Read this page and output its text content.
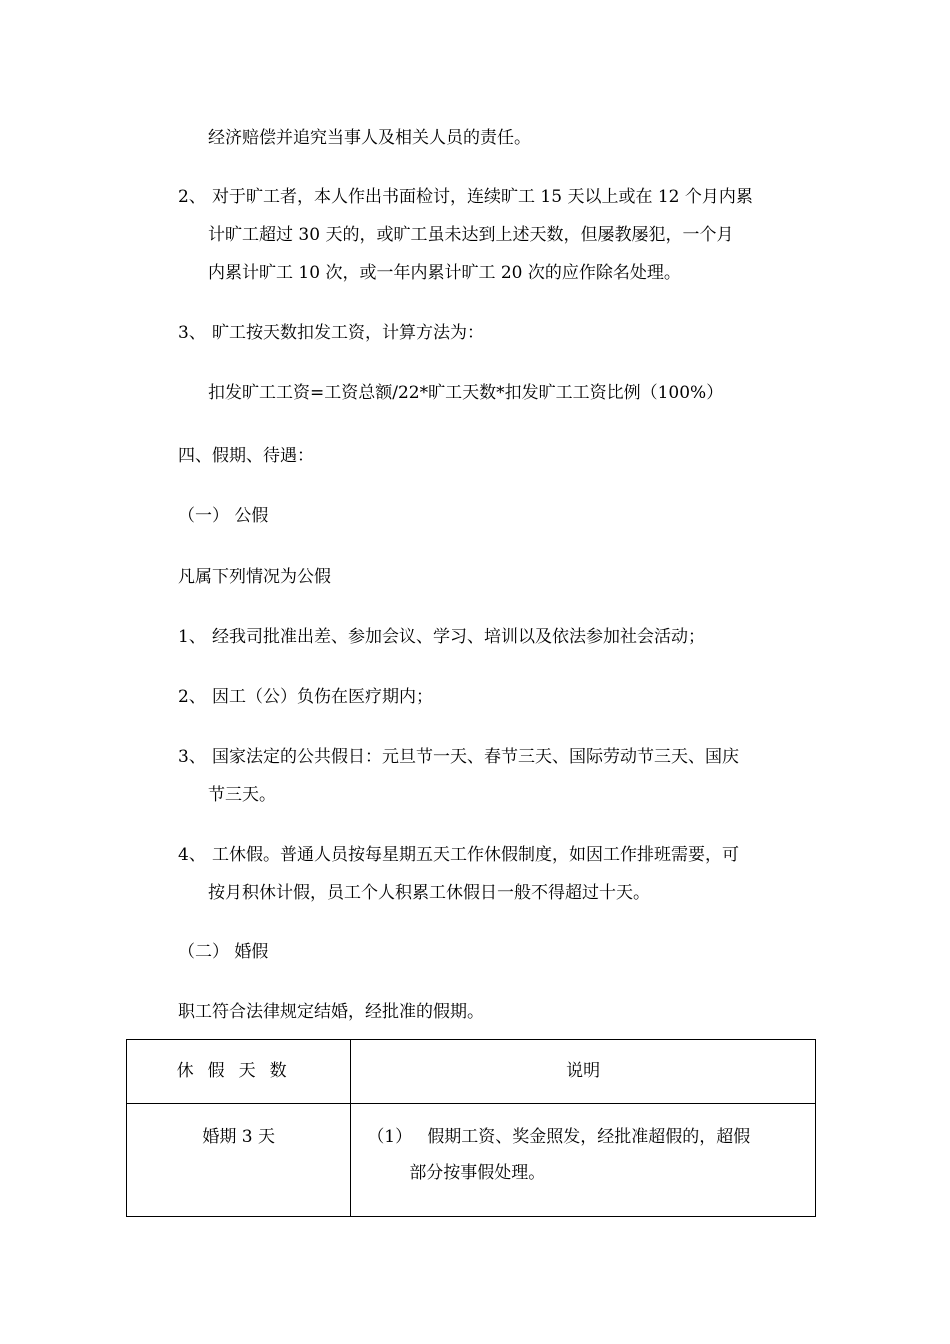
经济赔偿并追究当事人及相关人员的责任。
2、 对于旷工者，本人作出书面检讨，连续旷工 15 天以上或在 12 个月内累
计旷工超过 30 天的，或旷工虽未达到上述天数，但屡教屡犯，一个月
内累计旷工 10 次，或一年内累计旷工 20 次的应作除名处理。
3、 旷工按天数扣发工资，计算方法为：
扣发旷工工资=工资总额/22*旷工天数*扣发旷工工资比例（100%）
四、假期、待遇：
（一） 公假
凡属下列情况为公假
1、 经我司批准出差、参加会议、学习、培训以及依法参加社会活动；
2、 因工（公）负伤在医疗期内；
3、 国家法定的公共假日：元旦节一天、春节三天、国际劳动节三天、国庆
节三天。
4、 工休假。普通人员按每星期五天工作休假制度，如因工作排班需要，可
按月积休计假，员工个人积累工休假日一般不得超过十天。
（二） 婚假
职工符合法律规定结婚，经批准的假期。
休假天数	说明

婚期 3 天	（1） 假期工资、奖金照发，经批准超假的，超假
部分按事假处理。
